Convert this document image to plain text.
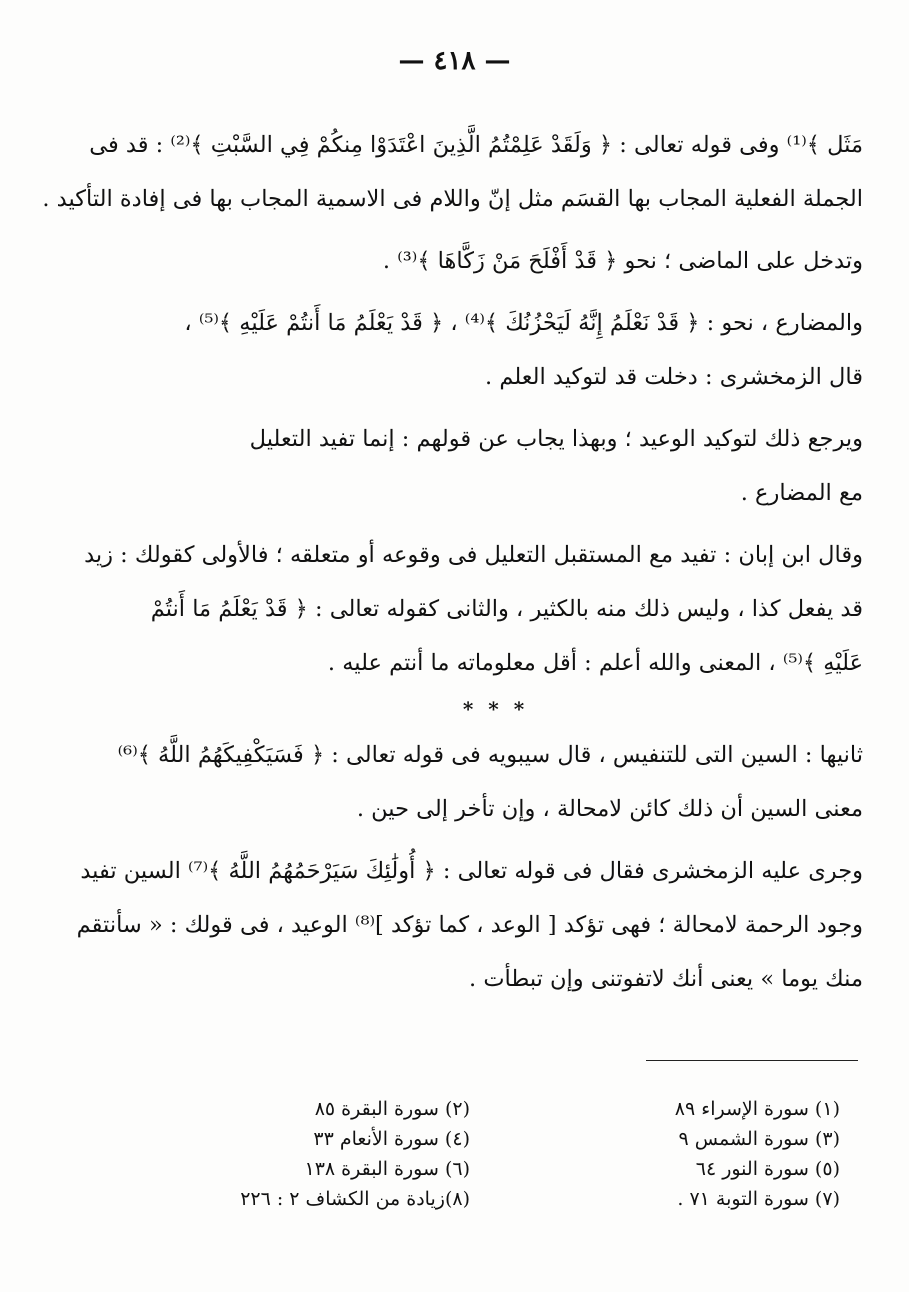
— ٤١٨ —
مَثَل ﴾⁽¹⁾ وفى قوله تعالى : ﴿ وَلَقَدْ عَلِمْتُمُ الَّذِينَ اعْتَدَوْا مِنكُمْ فِي السَّبْتِ ﴾⁽²⁾ : قد فى
الجملة الفعلية المجاب بها القسَم مثل إنّ واللام فى الاسمية المجاب بها فى إفادة التأكيد .
وتدخل على الماضى ؛ نحو ﴿ قَدْ أَفْلَحَ مَنْ زَكَّاهَا ﴾⁽³⁾ .
والمضارع ، نحو : ﴿ قَدْ نَعْلَمُ إِنَّهُ لَيَحْزُنُكَ ﴾⁽⁴⁾ ، ﴿ قَدْ يَعْلَمُ مَا أَنتُمْ عَلَيْهِ ﴾⁽⁵⁾ ،
قال الزمخشرى : دخلت قد لتوكيد العلم .
ويرجع ذلك لتوكيد الوعيد ؛ وبهذا يجاب عن قولهم : إنما تفيد التعليل
مع المضارع .
وقال ابن إبان : تفيد مع المستقبل التعليل فى وقوعه أو متعلقه ؛ فالأولى كقولك : زيد
قد يفعل كذا ، وليس ذلك منه بالكثير ، والثانى كقوله تعالى : ﴿ قَدْ يَعْلَمُ مَا أَنتُمْ
عَلَيْهِ ﴾⁽⁵⁾ ، المعنى والله أعلم : أقل معلوماته ما أنتم عليه .
* * *
ثانيها : السين التى للتنفيس ، قال سيبويه فى قوله تعالى : ﴿ فَسَيَكْفِيكَهُمُ اللَّهُ ﴾⁽⁶⁾
معنى السين أن ذلك كائن لامحالة ، وإن تأخر إلى حين .
وجرى عليه الزمخشرى فقال فى قوله تعالى : ﴿ أُولَٰئِكَ سَيَرْحَمُهُمُ اللَّهُ ﴾⁽⁷⁾ السين تفيد
وجود الرحمة لامحالة ؛ فهى تؤكد [ الوعد ، كما تؤكد ]⁽⁸⁾ الوعيد ، فى قولك : « سأنتقم
منك يوما » يعنى أنك لاتفوتنى وإن تبطأت .
(١) سورة الإسراء ٨٩
(٣) سورة الشمس ٩
(٥) سورة النور ٦٤
(٧) سورة التوبة ٧١ .
(٢) سورة البقرة ٨٥
(٤) سورة الأنعام ٣٣
(٦) سورة البقرة ١٣٨
(٨)زيادة من الكشاف ٢ : ٢٢٦
